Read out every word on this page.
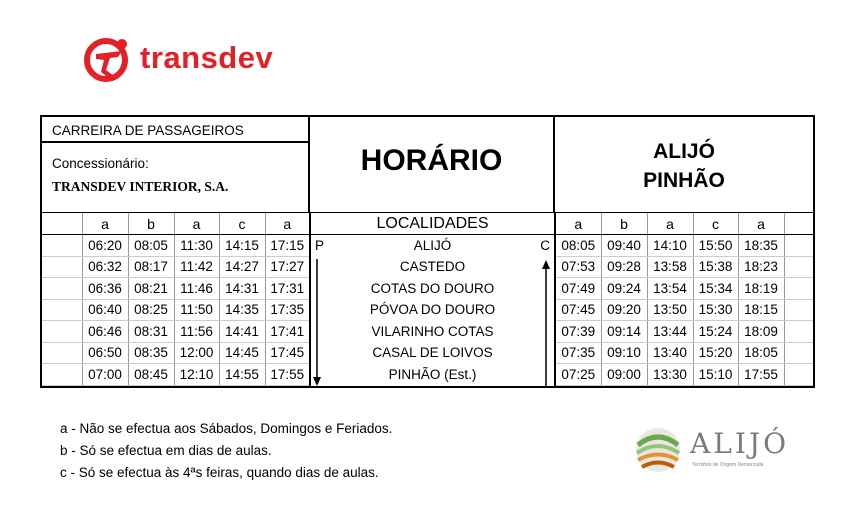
transdev
CARREIRA DE PASSAGEIROS
Concessionário:
TRANSDEV INTERIOR, S.A.
HORÁRIO	ALIJÓ
PINHÃO
	a	b	a	c	a	LOCALIDADES	a	b	a	c	a	
	06:20	08:05	11:30	14:15	17:15	P ALIJÓ C	08:05	09:40	14:10	15:50	18:35	
	06:32	08:17	11:42	14:27	17:27	CASTEDO	07:53	09:28	13:58	15:38	18:23	
	06:36	08:21	11:46	14:31	17:31	COTAS DO DOURO	07:49	09:24	13:54	15:34	18:19	
	06:40	08:25	11:50	14:35	17:35	PÓVOA DO DOURO	07:45	09:20	13:50	15:30	18:15	
	06:46	08:31	11:56	14:41	17:41	VILARINHO COTAS	07:39	09:14	13:44	15:24	18:09	
	06:50	08:35	12:00	14:45	17:45	CASAL DE LOIVOS	07:35	09:10	13:40	15:20	18:05	
	07:00	08:45	12:10	14:55	17:55	PINHÃO (Est.)	07:25	09:00	13:30	15:10	17:55	
a - Não se efectua aos Sábados, Domingos e Feriados.
b - Só se efectua em dias de aulas.
c - Só se efectua às 4ªs feiras, quando dias de aulas.
ALIJÓ
Território de Origem Demarcada
